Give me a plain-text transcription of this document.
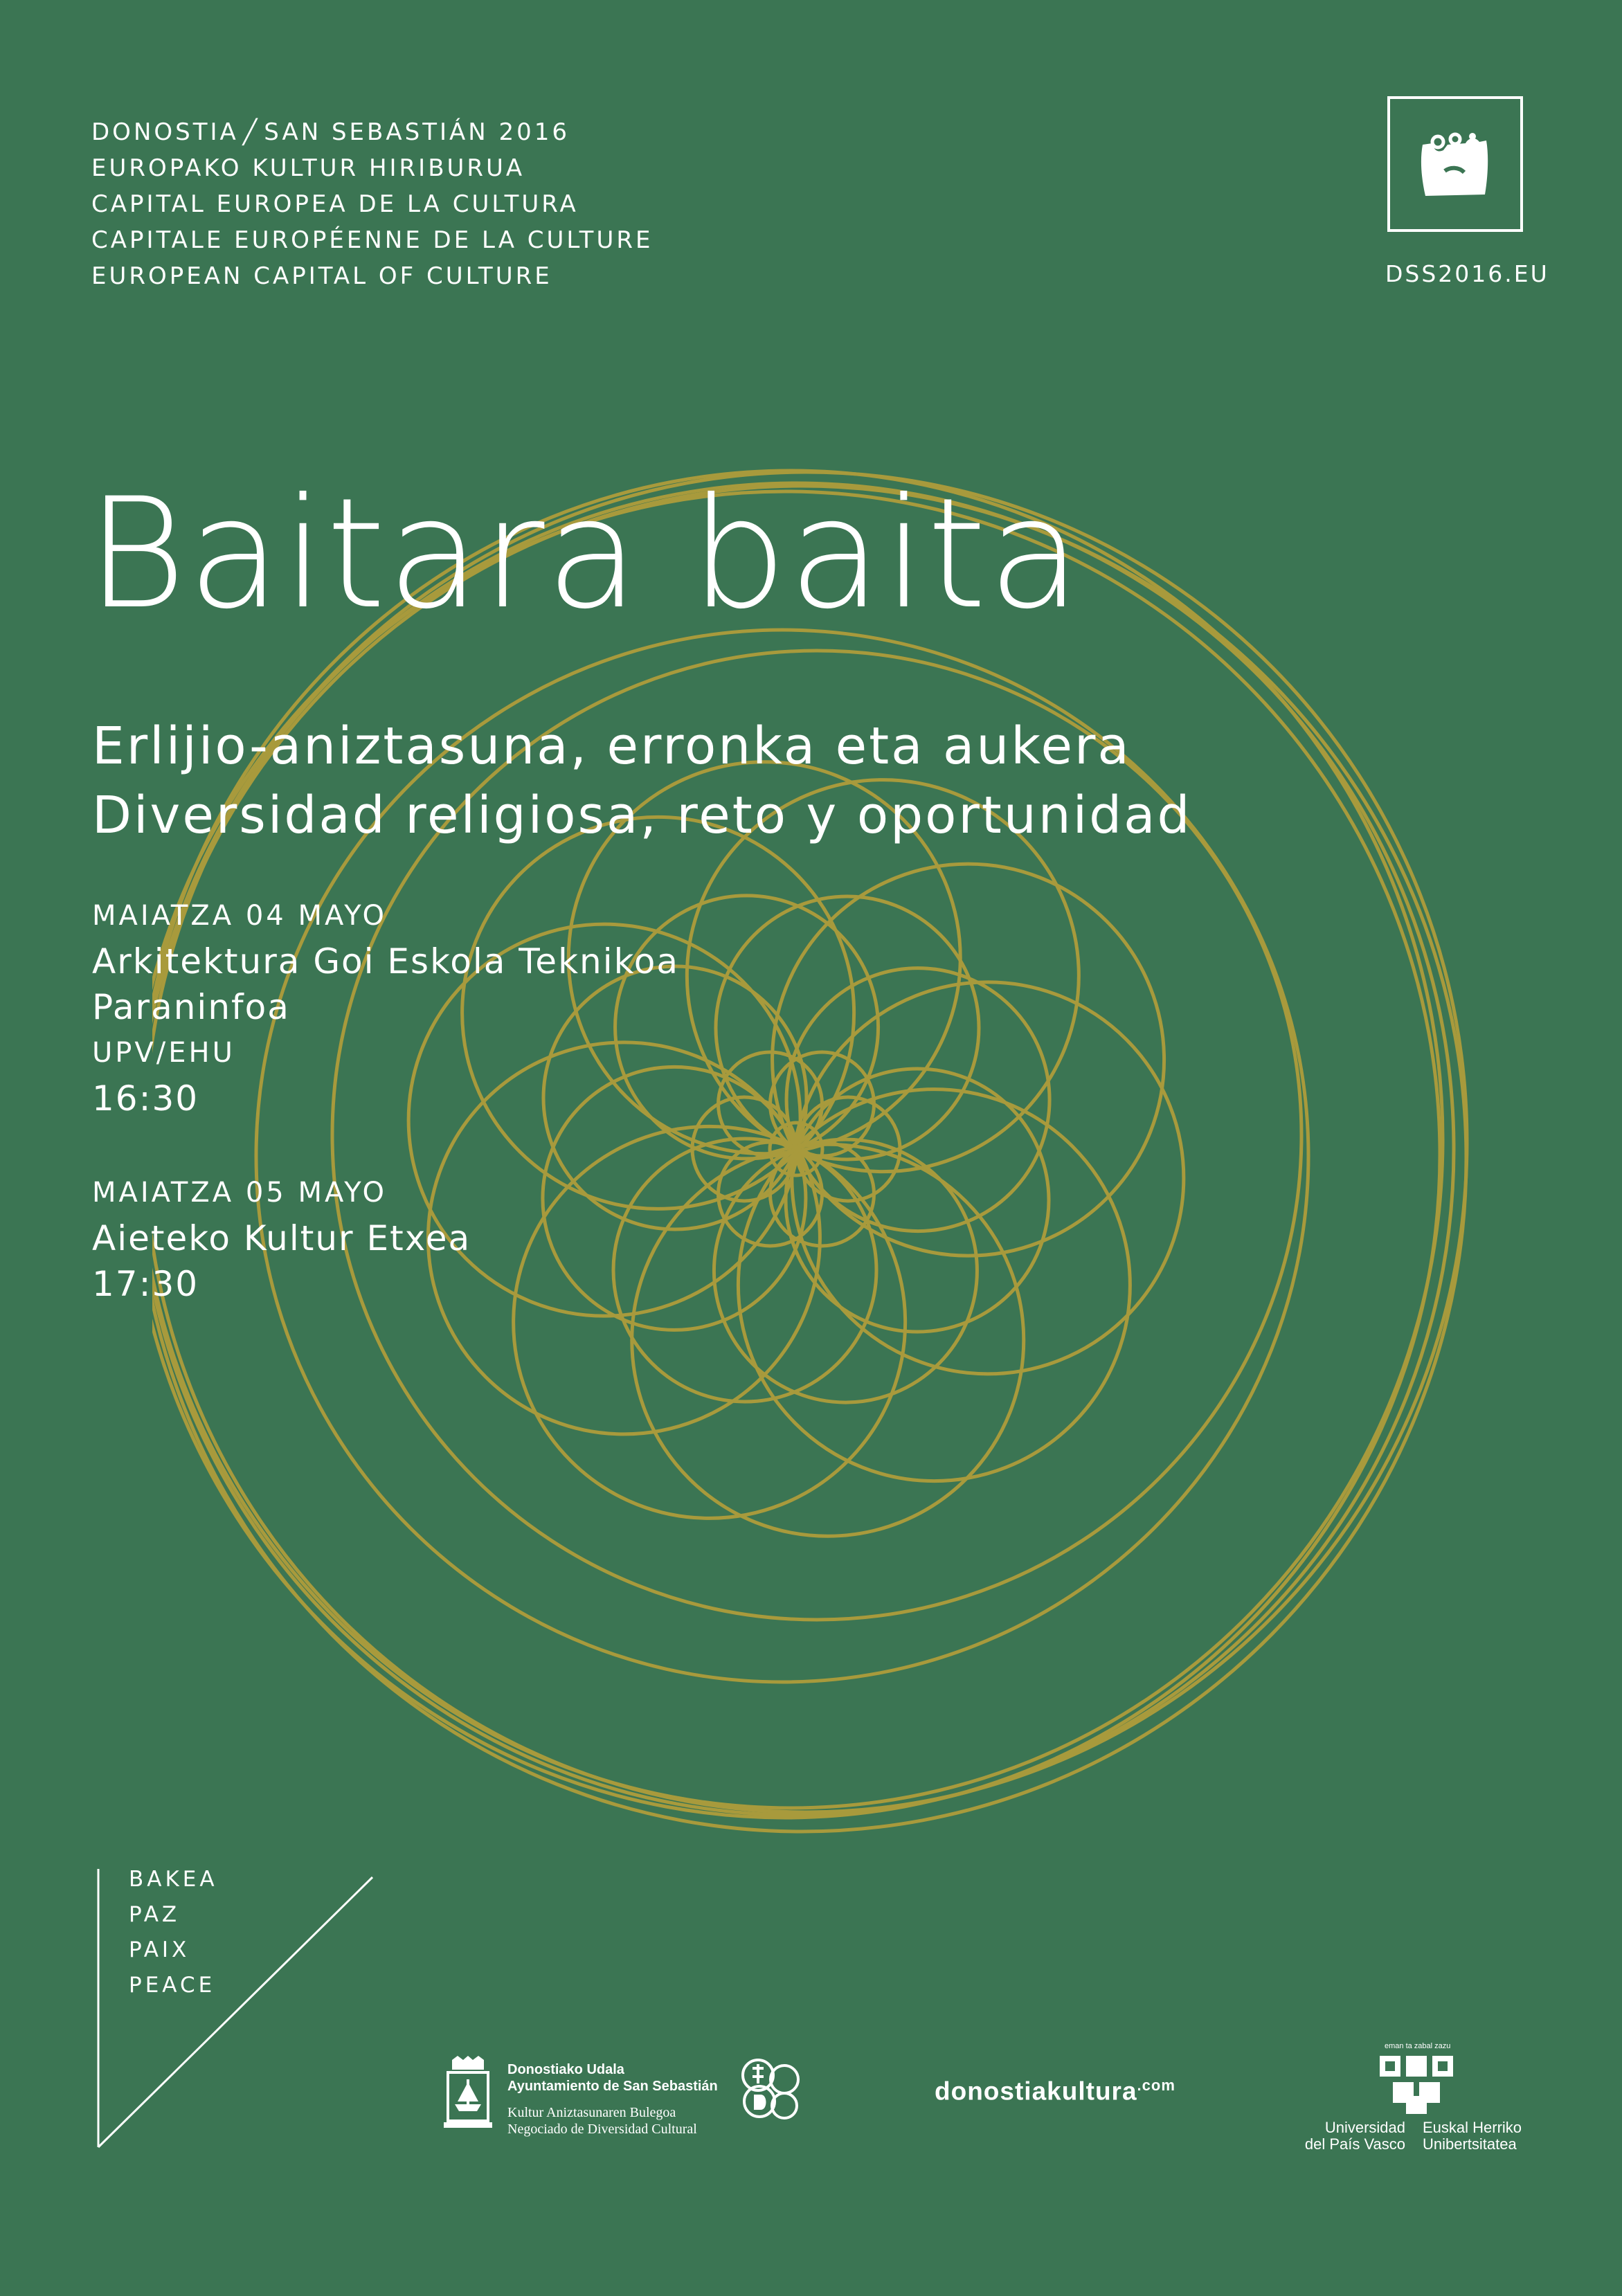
DONOSTIA ╱ SAN SEBASTIÁN 2016
EUROPAKO KULTUR HIRIBURUA
CAPITAL EUROPEA DE LA CULTURA
CAPITALE EUROPÉENNE DE LA CULTURE
EUROPEAN CAPITAL OF CULTURE	DSS2016.EU
Baitara baita
Erlijio-aniztasuna, erronka eta aukera
Diversidad religiosa, reto y oportunidad
MAIATZA 04 MAYO
Arkitektura Goi Eskola Teknikoa
Paraninfoa
UPV/EHU
16:30
MAIATZA 05 MAYO
Aieteko Kultur Etxea
17:30
BAKEA
PAZ
PAIX
PEACE
Donostiako Udala
Ayuntamiento de San Sebastián
Kultur Aniztasunaren Bulegoa
Negociado de Diversidad Cultural
donostiakultura$^{.com}$
eman ta zabal zazu
Universidad
del País Vasco
Euskal Herriko
Unibertsitatea
